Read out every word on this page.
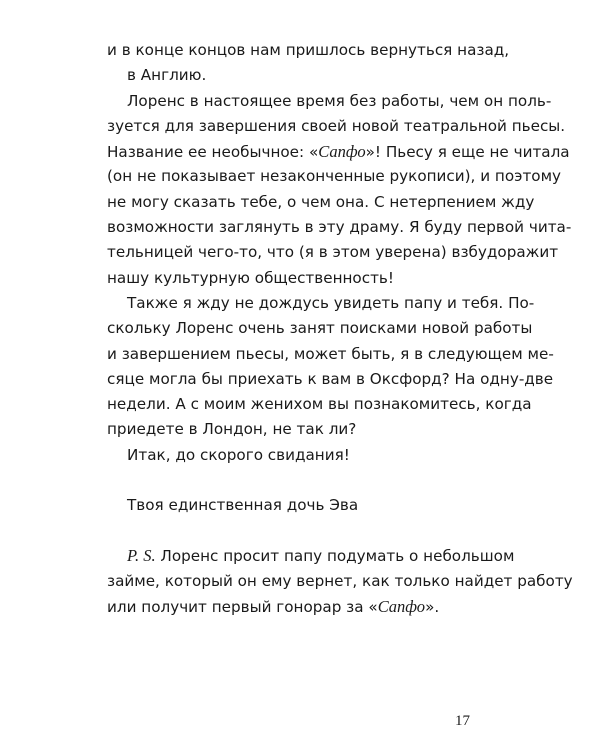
и в конце концов нам пришлось вернуться назад,
в Англию.
Лоренс в настоящее время без работы, чем он поль-
зуется для завершения своей новой театральной пьесы.
Название ее необычное: «Сапфо»! Пьесу я еще не читала
(он не показывает незаконченные рукописи), и поэтому
не могу сказать тебе, о чем она. С нетерпением жду
возможности заглянуть в эту драму. Я буду первой чита-
тельницей чего-то, что (я в этом уверена) взбудоражит
нашу культурную общественность!
Также я жду не дождусь увидеть папу и тебя. По-
скольку Лоренс очень занят поисками новой работы
и завершением пьесы, может быть, я в следующем ме-
сяце могла бы приехать к вам в Оксфорд? На одну-две
недели. А с моим женихом вы познакомитесь, когда
приедете в Лондон, не так ли?
Итак, до скорого свидания!
Твоя единственная дочь Эва
P. S. Лоренс просит папу подумать о небольшом
займе, который он ему вернет, как только найдет работу
или получит первый гонорар за «Сапфо».
17
